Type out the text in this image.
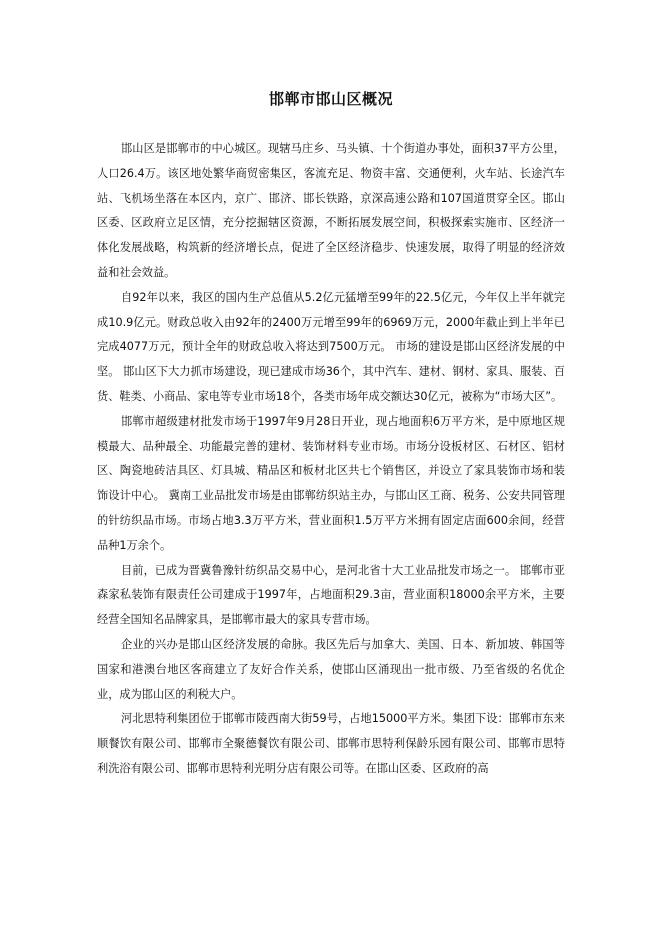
邯郸市邯山区概况

邯山区是邯郸市的中心城区。现辖马庄乡、马头镇、十个街道办事处，面积37平方公里，人口26.4万。该区地处繁华商贸密集区，客流充足、物资丰富、交通便利，火车站、长途汽车站、飞机场坐落在本区内，京广、邯济、邯长铁路，京深高速公路和107国道贯穿全区。邯山区委、区政府立足区情，充分挖掘辖区资源，不断拓展发展空间，积极探索实施市、区经济一体化发展战略，构筑新的经济增长点，促进了全区经济稳步、快速发展，取得了明显的经济效益和社会效益。

自92年以来，我区的国内生产总值从5.2亿元猛增至99年的22.5亿元，今年仅上半年就完成10.9亿元。财政总收入由92年的2400万元增至99年的6969万元，2000年截止到上半年已完成4077万元，预计全年的财政总收入将达到7500万元。 市场的建设是邯山区经济发展的中坚。 邯山区下大力抓市场建设，现已建成市场36个，其中汽车、建材、钢材、家具、服装、百货、鞋类、小商品、家电等专业市场18个，各类市场年成交额达30亿元，被称为“市场大区”。

邯郸市超级建材批发市场于1997年9月28日开业，现占地面积6万平方米，是中原地区规模最大、品种最全、功能最完善的建材、装饰材料专业市场。市场分设板材区、石材区、铝材区、陶瓷地砖洁具区、灯具城、精品区和板材北区共七个销售区，并设立了家具装饰市场和装饰设计中心。 冀南工业品批发市场是由邯郸纺织站主办，与邯山区工商、税务、公安共同管理的针纺织品市场。市场占地3.3万平方米，营业面积1.5万平方米拥有固定店面600余间，经营品种1万余个。

目前，已成为晋冀鲁豫针纺织品交易中心，是河北省十大工业品批发市场之一。 邯郸市亚森家私装饰有限责任公司建成于1997年，占地面积29.3亩，营业面积18000余平方米，主要经营全国知名品牌家具，是邯郸市最大的家具专营市场。

企业的兴办是邯山区经济发展的命脉。我区先后与加拿大、美国、日本、新加坡、韩国等国家和港澳台地区客商建立了友好合作关系，使邯山区涌现出一批市级、乃至省级的名优企业，成为邯山区的利税大户。

河北思特利集团位于邯郸市陵西南大街59号，占地15000平方米。集团下设：邯郸市东来顺餐饮有限公司、邯郸市全聚德餐饮有限公司、邯郸市思特利保龄乐园有限公司、邯郸市思特利洗浴有限公司、邯郸市思特利光明分店有限公司等。在邯山区委、区政府的高
